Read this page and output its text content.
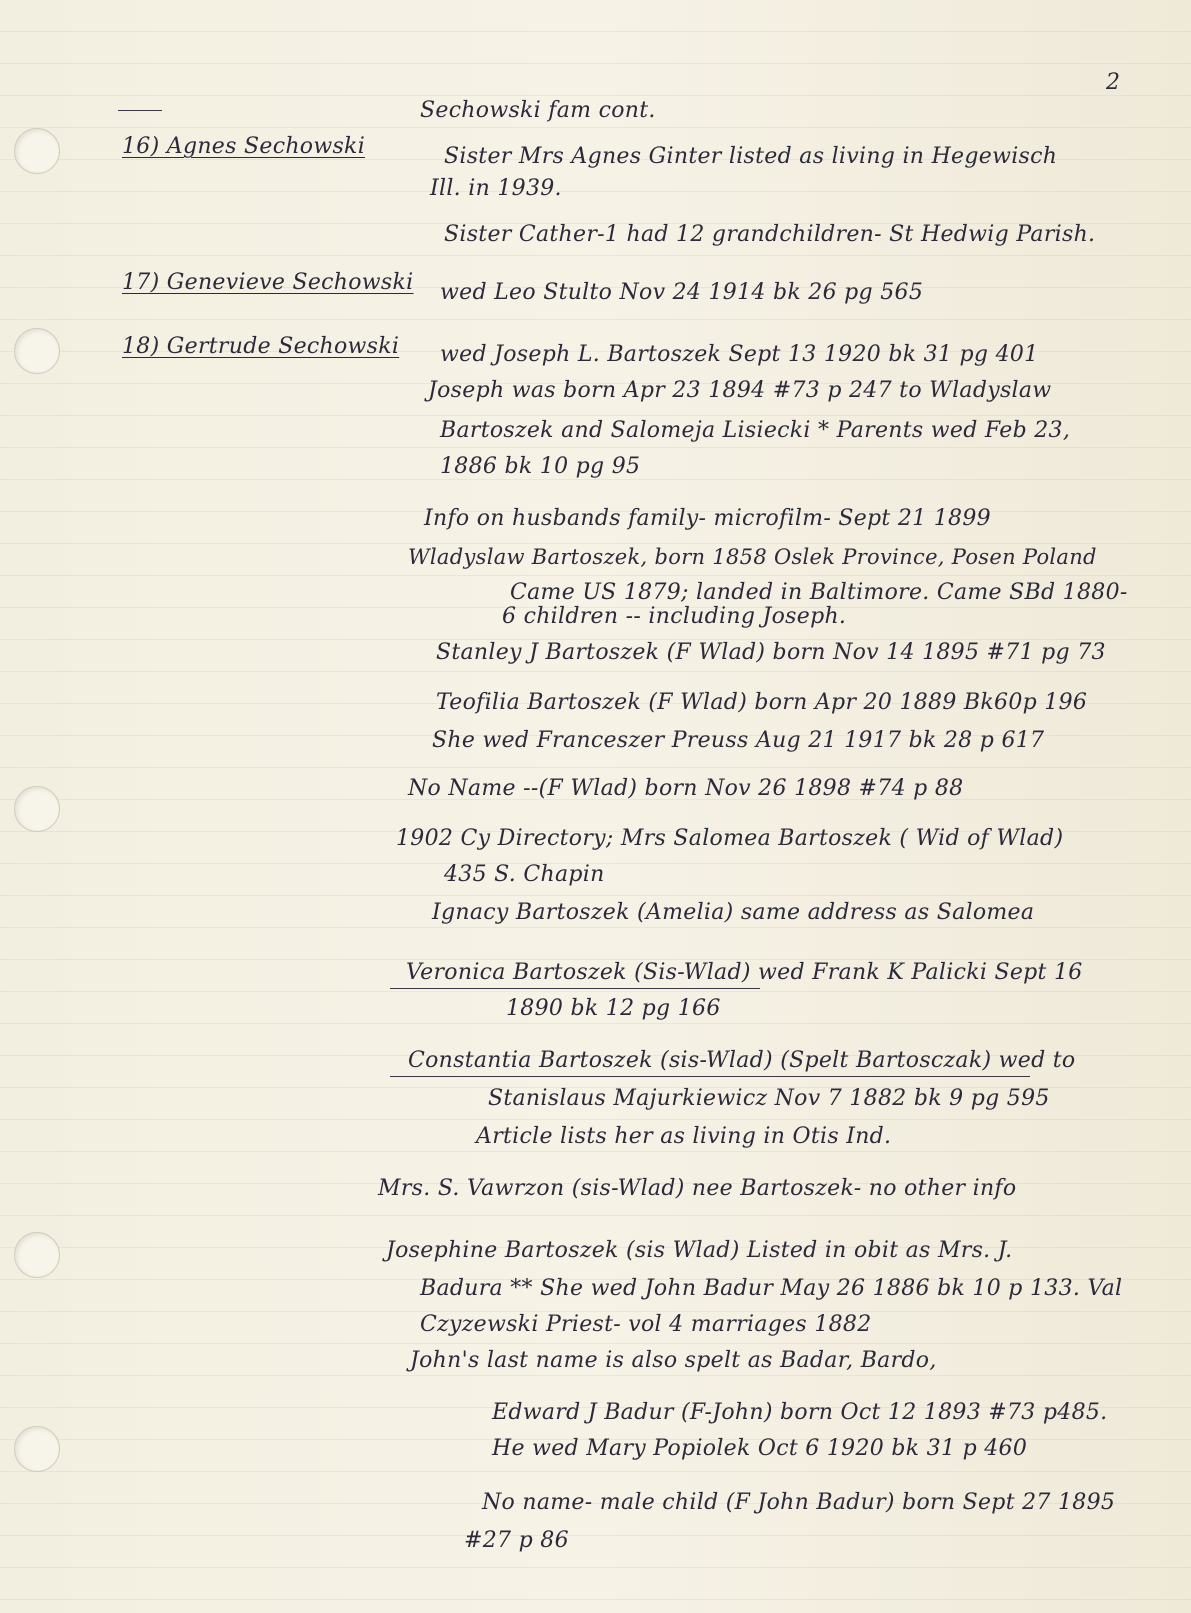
2
Sechowski fam cont.
16) Agnes Sechowski	Sister Mrs Agnes Ginter listed as living in Hegewisch
Ill. in 1939.
Sister Cather-1 had 12 grandchildren- St Hedwig Parish.
17) Genevieve Sechowski wed Leo Stulto Nov 24 1914 bk 26 pg 565
18) Gertrude Sechowski wed Joseph L. Bartoszek Sept 13 1920 bk 31 pg 401
Joseph was born Apr 23 1894 #73 p 247 to Wladyslaw
Bartoszek and Salomeja Lisiecki * Parents wed Feb 23,
1886 bk 10 pg 95
Info on husbands family- microfilm- Sept 21 1899
Wladyslaw Bartoszek, born 1858 Oslek Province, Posen Poland
Came US 1879; landed in Baltimore. Came SBd 1880-
6 children -- including Joseph.
Stanley J Bartoszek (F Wlad) born Nov 14 1895 #71 pg 73
Teofilia Bartoszek (F Wlad) born Apr 20 1889 Bk60p 196
She wed Franceszer Preuss Aug 21 1917 bk 28 p 617
No Name --(F Wlad) born Nov 26 1898 #74 p 88
1902 Cy Directory; Mrs Salomea Bartoszek ( Wid of Wlad)
435 S. Chapin
Ignacy Bartoszek (Amelia) same address as Salomea
Veronica Bartoszek (Sis-Wlad) wed Frank K Palicki Sept 16
1890 bk 12 pg 166
Constantia Bartoszek (sis-Wlad) (Spelt Bartosczak) wed to
Stanislaus Majurkiewicz Nov 7 1882 bk 9 pg 595
Article lists her as living in Otis Ind.
Mrs. S. Vawrzon (sis-Wlad) nee Bartoszek- no other info
Josephine Bartoszek (sis Wlad) Listed in obit as Mrs. J.
Badura ** She wed John Badur May 26 1886 bk 10 p 133. Val
Czyzewski Priest- vol 4 marriages 1882
John's last name is also spelt as Badar, Bardo,
Edward J Badur (F-John) born Oct 12 1893 #73 p485.
He wed Mary Popiolek Oct 6 1920 bk 31 p 460
No name- male child (F John Badur) born Sept 27 1895
#27 p 86
